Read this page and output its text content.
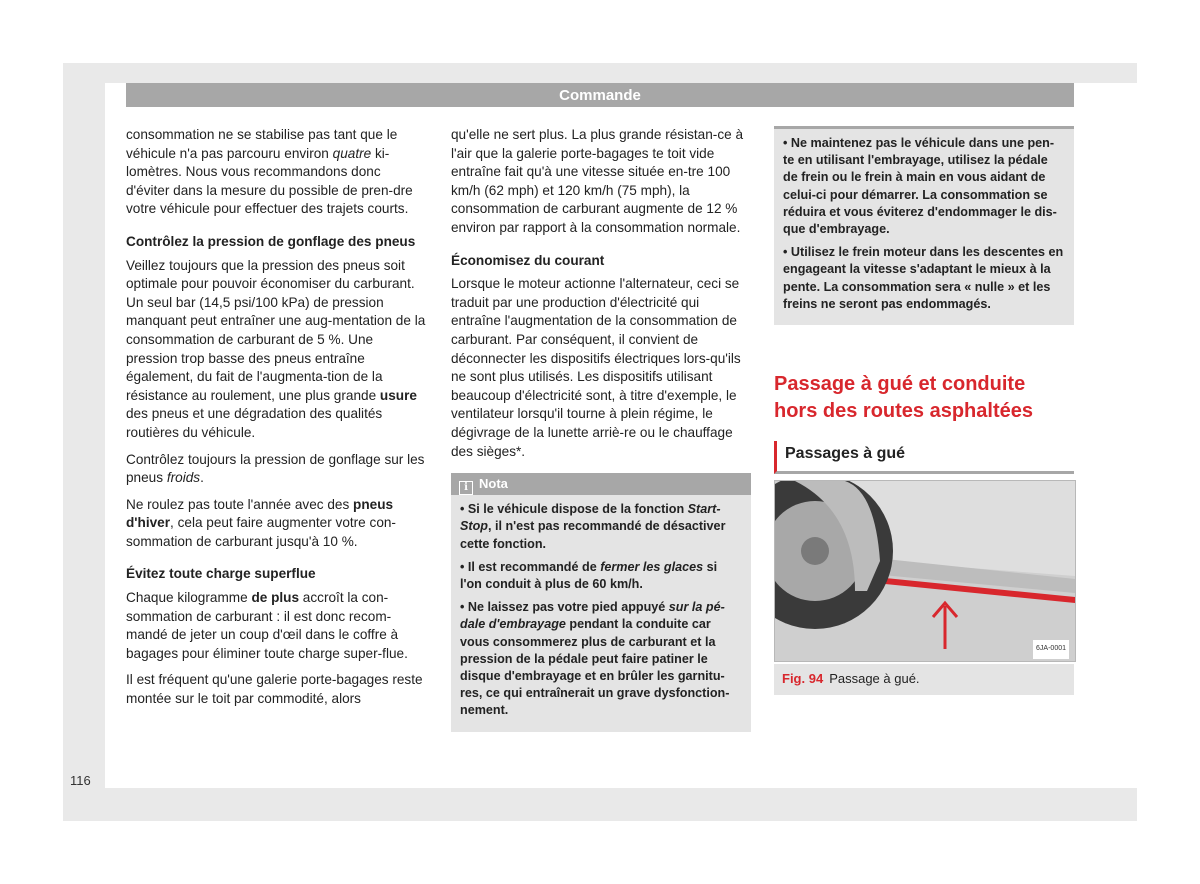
Commande

consommation ne se stabilise pas tant que le véhicule n'a pas parcouru environ quatre ki-lomètres. Nous vous recommandons donc d'éviter dans la mesure du possible de pren-dre votre véhicule pour effectuer des trajets courts.

Contrôlez la pression de gonflage des pneus

Veillez toujours que la pression des pneus soit optimale pour pouvoir économiser du carburant. Un seul bar (14,5 psi/100 kPa) de pression manquant peut entraîner une aug-mentation de la consommation de carburant de 5 %. Une pression trop basse des pneus entraîne également, du fait de l'augmenta-tion de la résistance au roulement, une plus grande usure des pneus et une dégradation des qualités routières du véhicule.

Contrôlez toujours la pression de gonflage sur les pneus froids.

Ne roulez pas toute l'année avec des pneus d'hiver, cela peut faire augmenter votre con-sommation de carburant jusqu'à 10 %.

Évitez toute charge superflue

Chaque kilogramme de plus accroît la con-sommation de carburant : il est donc recom-mandé de jeter un coup d'œil dans le coffre à bagages pour éliminer toute charge super-flue.

Il est fréquent qu'une galerie porte-bagages reste montée sur le toit par commodité, alors

qu'elle ne sert plus. La plus grande résistan-ce à l'air que la galerie porte-bagages te toit vide entraîne fait qu'à une vitesse située en-tre 100 km/h (62 mph) et 120 km/h (75 mph), la consommation de carburant augmente de 12 % environ par rapport à la consommation normale.

Économisez du courant

Lorsque le moteur actionne l'alternateur, ceci se traduit par une production d'électricité qui entraîne l'augmentation de la consommation de carburant. Par conséquent, il convient de déconnecter les dispositifs électriques lors-qu'ils ne sont plus utilisés. Les dispositifs utilisant beaucoup d'électricité sont, à titre d'exemple, le ventilateur lorsqu'il tourne à plein régime, le dégivrage de la lunette arriè-re ou le chauffage des sièges*.

i Nota

• Si le véhicule dispose de la fonction Start-Stop, il n'est pas recommandé de désactiver cette fonction.

• Il est recommandé de fermer les glaces si l'on conduit à plus de 60 km/h.

• Ne laissez pas votre pied appuyé sur la pé-dale d'embrayage pendant la conduite car vous consommerez plus de carburant et la pression de la pédale peut faire patiner le disque d'embrayage et en brûler les garnitu-res, ce qui entraînerait un grave dysfonction-nement.

• Ne maintenez pas le véhicule dans une pen-te en utilisant l'embrayage, utilisez la pédale de frein ou le frein à main en vous aidant de celui-ci pour démarrer. La consommation se réduira et vous éviterez d'endommager le dis-que d'embrayage.

• Utilisez le frein moteur dans les descentes en engageant la vitesse s'adaptant le mieux à la pente. La consommation sera « nulle » et les freins ne seront pas endommagés.

Passage à gué et conduite hors des routes asphaltées
Passages à gué
6JA-0001
Fig. 94 Passage à gué.
116
